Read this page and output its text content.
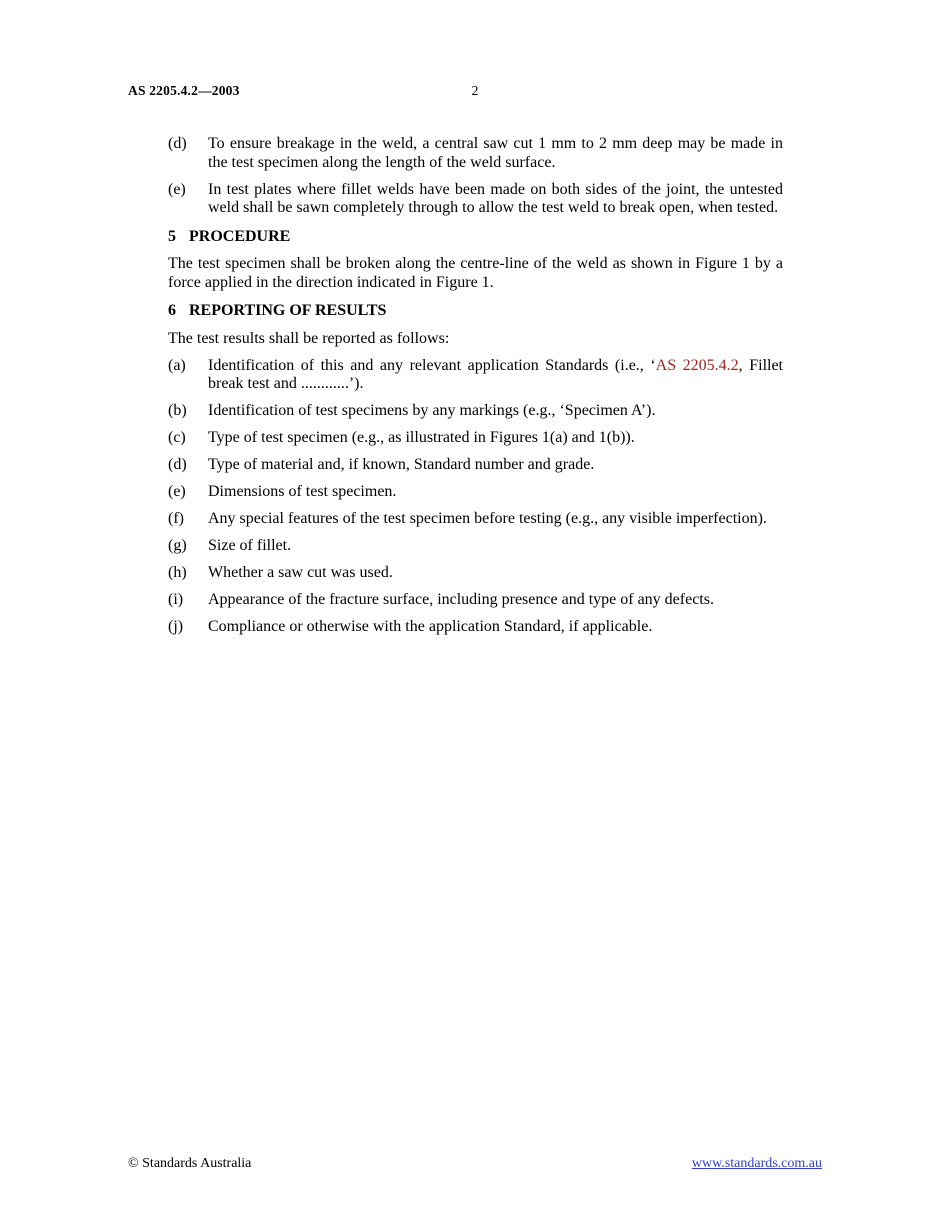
AS 2205.4.2—2003	2
(d)	To ensure breakage in the weld, a central saw cut 1 mm to 2 mm deep may be made in the test specimen along the length of the weld surface.
(e)	In test plates where fillet welds have been made on both sides of the joint, the untested weld shall be sawn completely through to allow the test weld to break open, when tested.
5 PROCEDURE
The test specimen shall be broken along the centre-line of the weld as shown in Figure 1 by a force applied in the direction indicated in Figure 1.
6 REPORTING OF RESULTS
The test results shall be reported as follows:
(a)	Identification of this and any relevant application Standards (i.e., ‘AS 2205.4.2, Fillet break test and ............’).
(b)	Identification of test specimens by any markings (e.g., ‘Specimen A’).
(c)	Type of test specimen (e.g., as illustrated in Figures 1(a) and 1(b)).
(d)	Type of material and, if known, Standard number and grade.
(e)	Dimensions of test specimen.
(f)	Any special features of the test specimen before testing (e.g., any visible imperfection).
(g)	Size of fillet.
(h)	Whether a saw cut was used.
(i)	Appearance of the fracture surface, including presence and type of any defects.
(j)	Compliance or otherwise with the application Standard, if applicable.
© Standards Australia	www.standards.com.au
